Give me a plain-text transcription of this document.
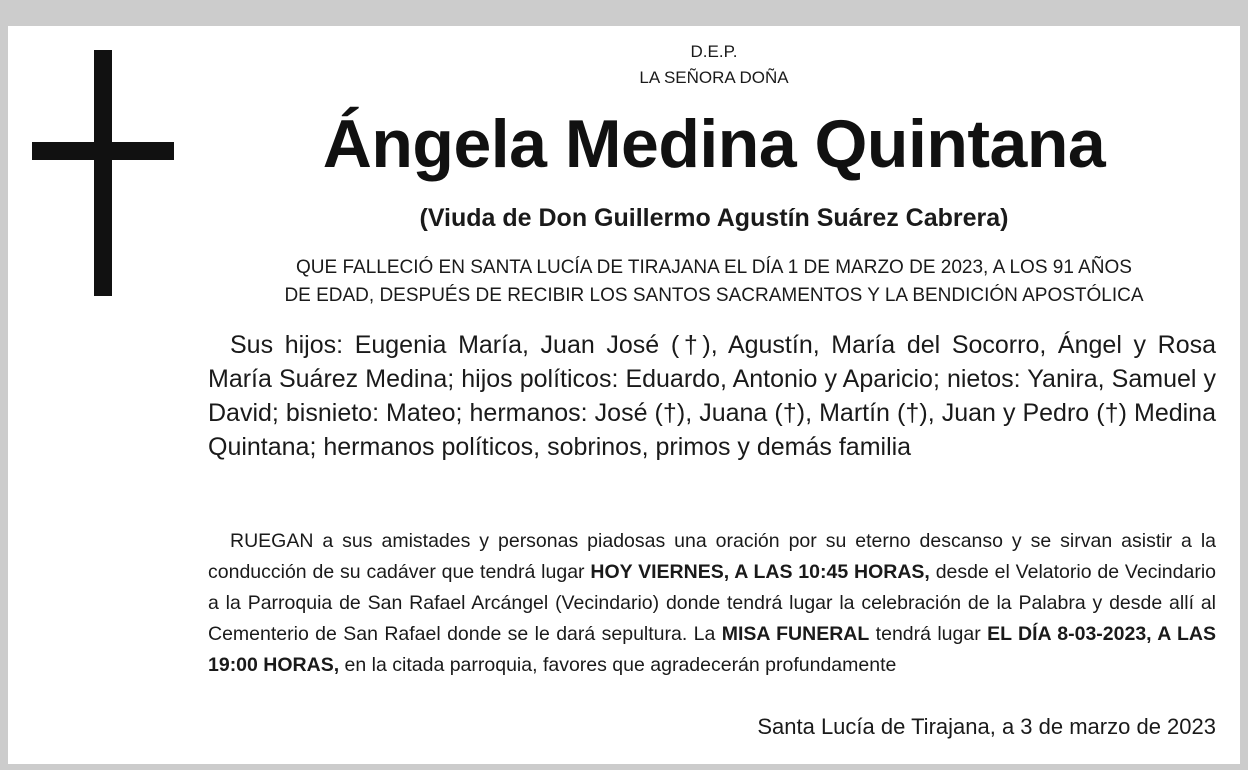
D.E.P.
LA SEÑORA DOÑA
Ángela Medina Quintana
(Viuda de Don Guillermo Agustín Suárez Cabrera)
QUE FALLECIÓ EN SANTA LUCÍA DE TIRAJANA EL DÍA 1 DE MARZO DE 2023, A LOS 91 AÑOS
DE EDAD, DESPUÉS DE RECIBIR LOS SANTOS SACRAMENTOS Y LA BENDICIÓN APOSTÓLICA
Sus hijos: Eugenia María, Juan José (†), Agustín, María del Socorro, Ángel y Rosa María Suárez Medina; hijos políticos: Eduardo, Antonio y Aparicio; nietos: Yanira, Samuel y David; bisnieto: Mateo; hermanos: José (†), Juana (†), Martín (†), Juan y Pedro (†) Medina Quintana; hermanos políticos, sobrinos, primos y demás familia
RUEGAN a sus amistades y personas piadosas una oración por su eterno descanso y se sirvan asistir a la conducción de su cadáver que tendrá lugar HOY VIERNES, A LAS 10:45 HORAS, desde el Velatorio de Vecindario a la Parroquia de San Rafael Arcángel (Vecindario) donde tendrá lugar la celebración de la Palabra y desde allí al Cementerio de San Rafael donde se le dará sepultura. La MISA FUNERAL tendrá lugar EL DÍA 8-03-2023, A LAS 19:00 HORAS, en la citada parroquia, favores que agradecerán profundamente
Santa Lucía de Tirajana, a 3 de marzo de 2023
